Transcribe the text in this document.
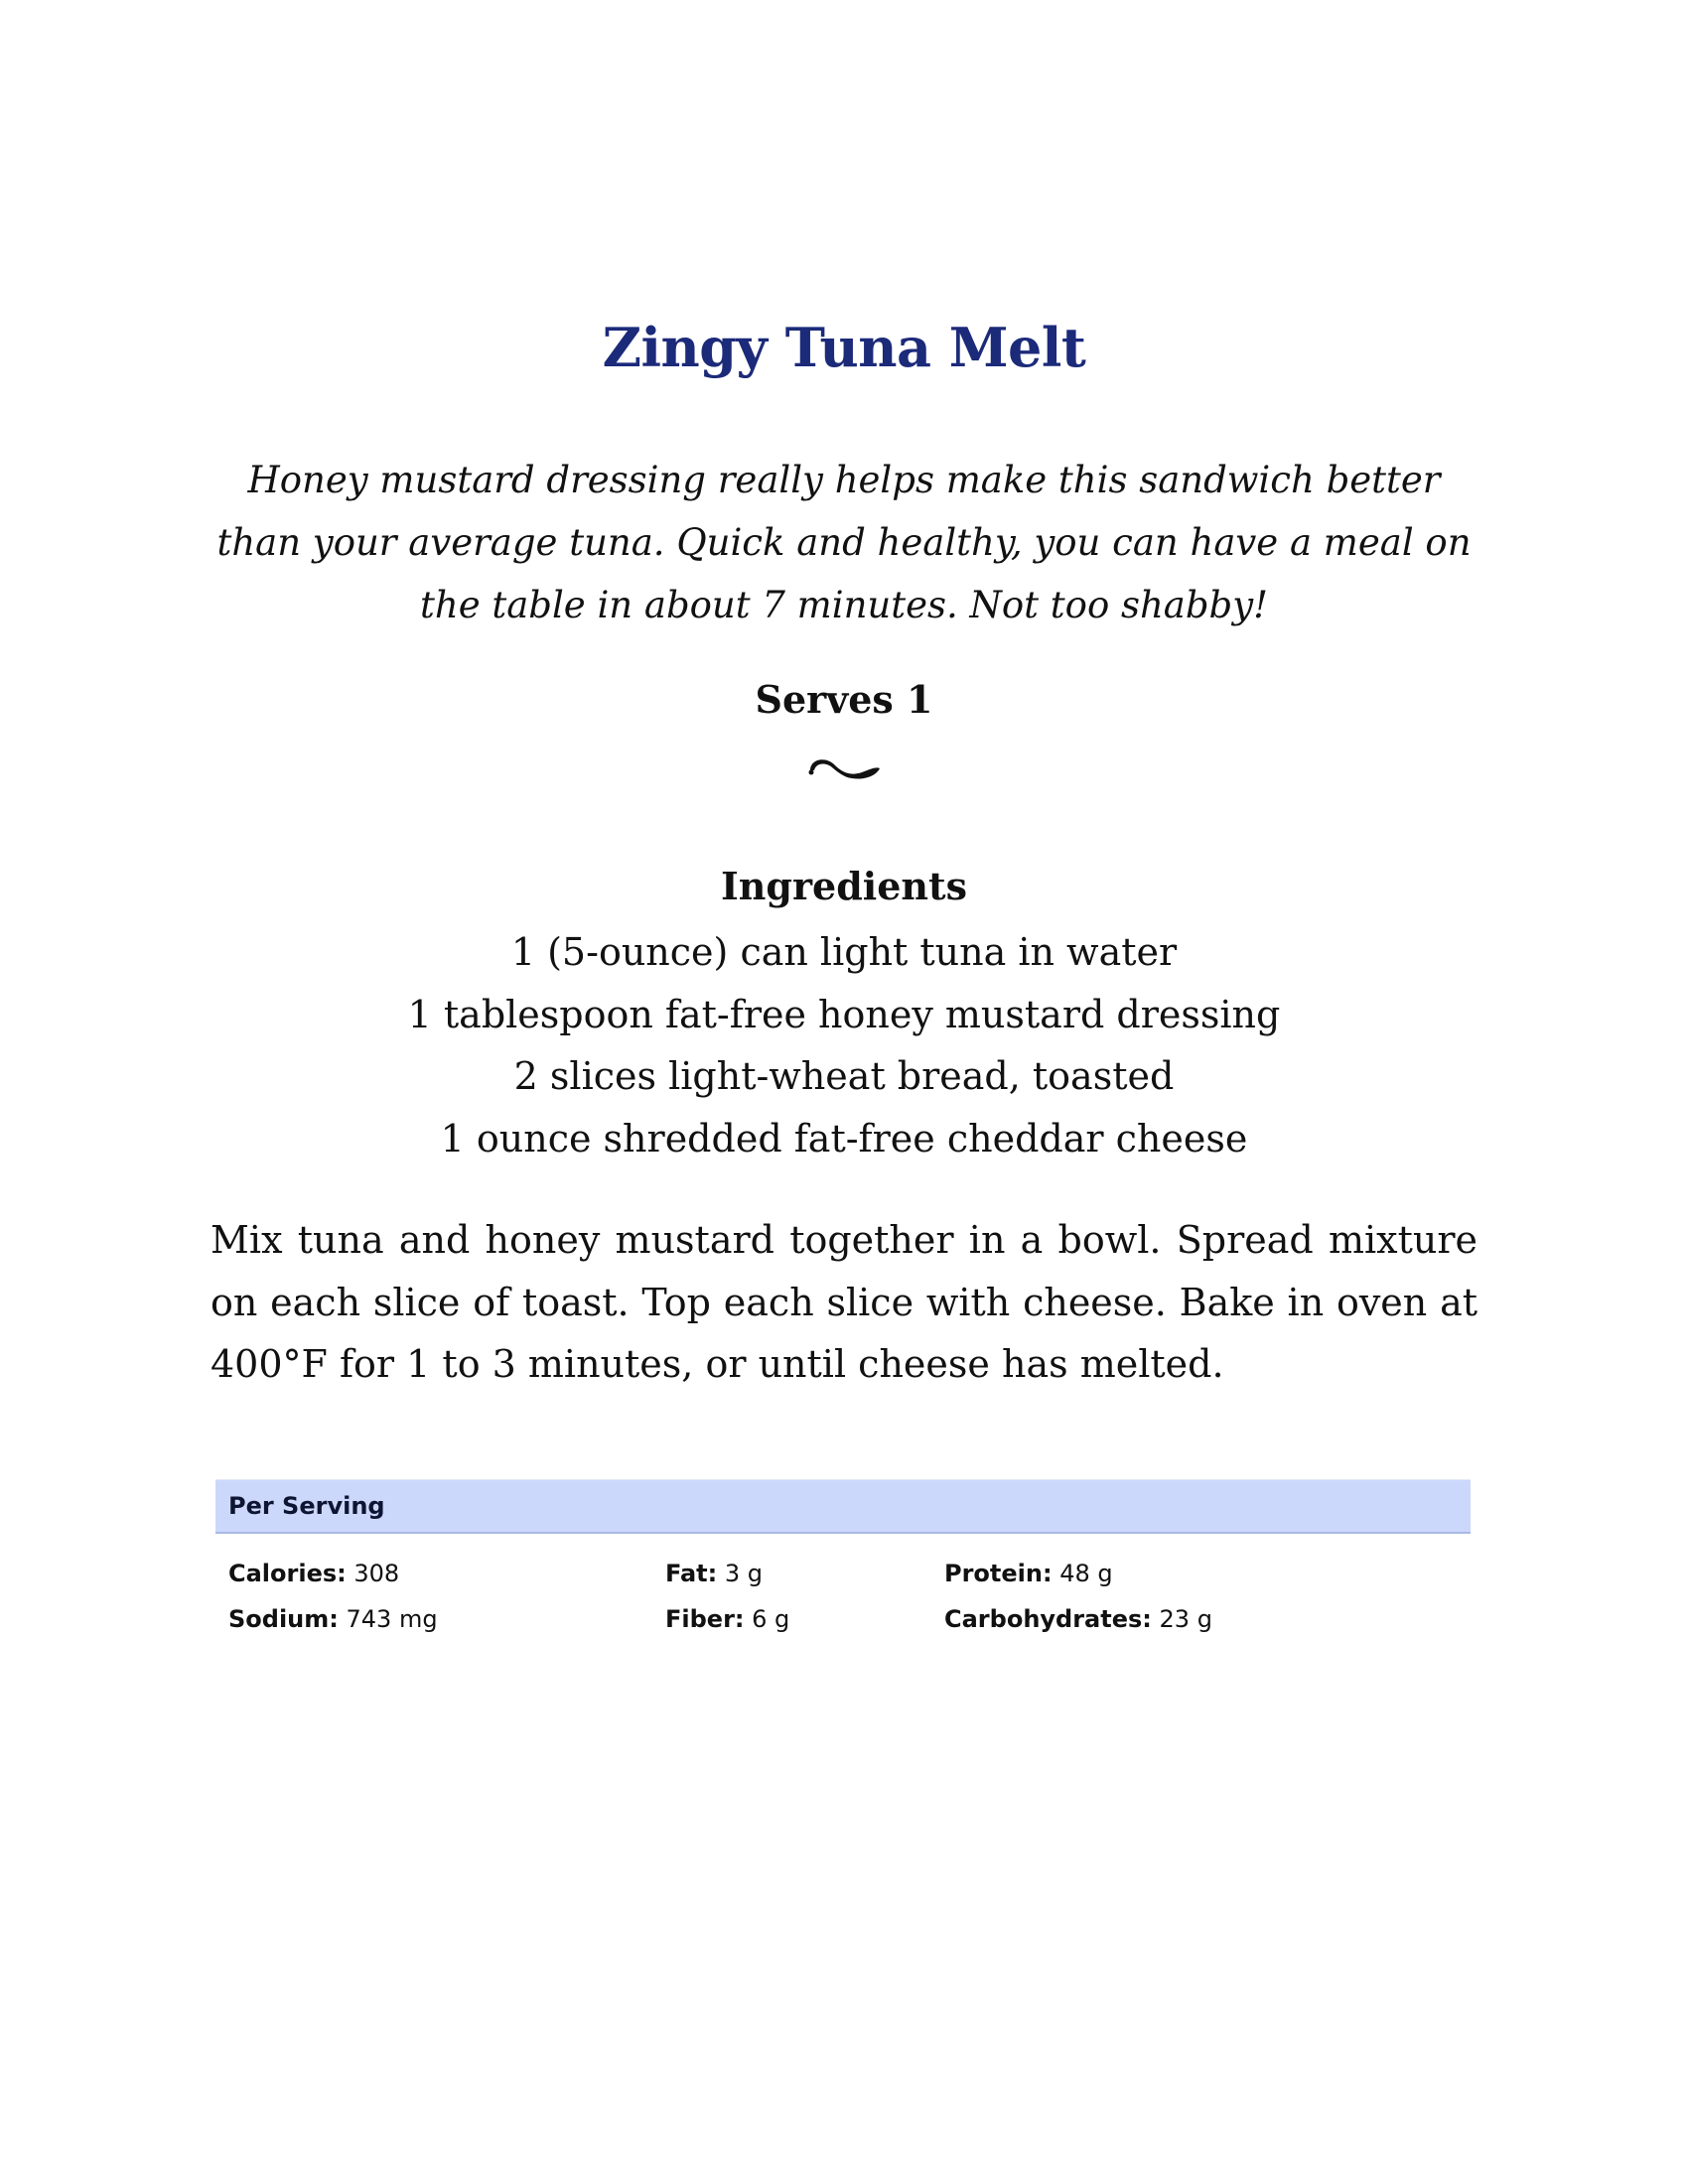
Zingy Tuna Melt
Honey mustard dressing really helps make this sandwich better than your average tuna. Quick and healthy, you can have a meal on the table in about 7 minutes. Not too shabby!
Serves 1
Ingredients
1 (5-ounce) can light tuna in water
1 tablespoon fat-free honey mustard dressing
2 slices light-wheat bread, toasted
1 ounce shredded fat-free cheddar cheese
Mix tuna and honey mustard together in a bowl. Spread mixture on each slice of toast. Top each slice with cheese. Bake in oven at 400°F for 1 to 3 minutes, or until cheese has melted.
Per Serving
Calories: 308	Fat: 3 g	Protein: 48 g
Sodium: 743 mg	Fiber: 6 g	Carbohydrates: 23 g
